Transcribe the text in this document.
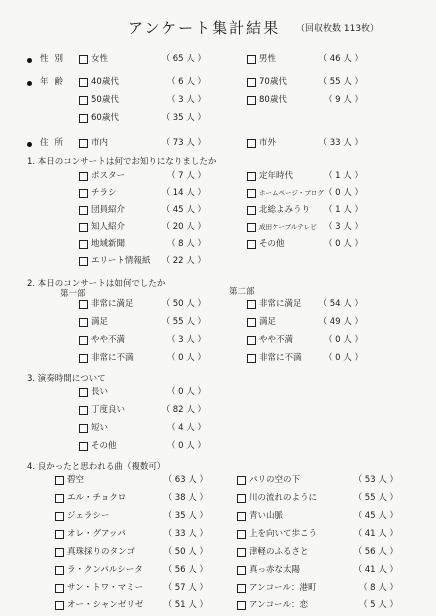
アンケート集計結果 （回収枚数 113枚）
性別	女性	（ 65 人 ）	男性	（ 46 人 ）
年齢	40歳代	（ 6 人 ）	70歳代	（ 55 人 ）
50歳代	（ 3 人 ）	80歳代	（ 9 人 ）
60歳代	（ 35 人 ）
住所	市内	（ 73 人 ）	市外	（ 33 人 ）
1. 本日のコンサートは何でお知りになりましたか
ポスター	（ 7 人 ）	定年時代	（ 1 人 ）
チラシ	（ 14 人 ）	ホームページ・ブログ （ 0 人 ）
団員紹介	（ 45 人 ）	北総よみうり	（ 1 人 ）
知人紹介	（ 20 人 ）	成田ケーブルテレビ （ 3 人 ）
地域新聞	（ 8 人 ）	その他	（ 0 人 ）
エリート情報紙	（ 22 人 ）
2. 本日のコンサートは如何でしたか
第一部	第二部
非常に満足	（ 50 人 ）	非常に満足	（ 54 人 ）
満足	（ 55 人 ）	満足	（ 49 人 ）
やや不満	（ 3 人 ）	やや不満	（ 0 人 ）
非常に不満	（ 0 人 ）	非常に不満	（ 0 人 ）
3. 演奏時間について
長い	（ 0 人 ）
丁度良い	（ 82 人 ）
短い	（ 4 人 ）
その他	（ 0 人 ）
4. 良かったと思われる曲（複数可）
碧空	（ 63 人 ）	パリの空の下	（ 53 人 ）
エル・チョクロ	（ 38 人 ）	川の流れのように	（ 55 人 ）
ジェラシー	（ 35 人 ）	青い山脈	（ 45 人 ）
オレ・グアッパ	（ 33 人 ）	上を向いて歩こう	（ 41 人 ）
真珠採りのタンゴ	（ 50 人 ）	津軽のふるさと	（ 56 人 ）
ラ・クンパルシータ	（ 56 人 ）	真っ赤な太陽	（ 41 人 ）
サン・トワ・マミー	（ 57 人 ）	アンコール：港町	（ 8 人 ）
オー・シャンゼリゼ	（ 51 人 ）	アンコール：恋	（ 5 人 ）
